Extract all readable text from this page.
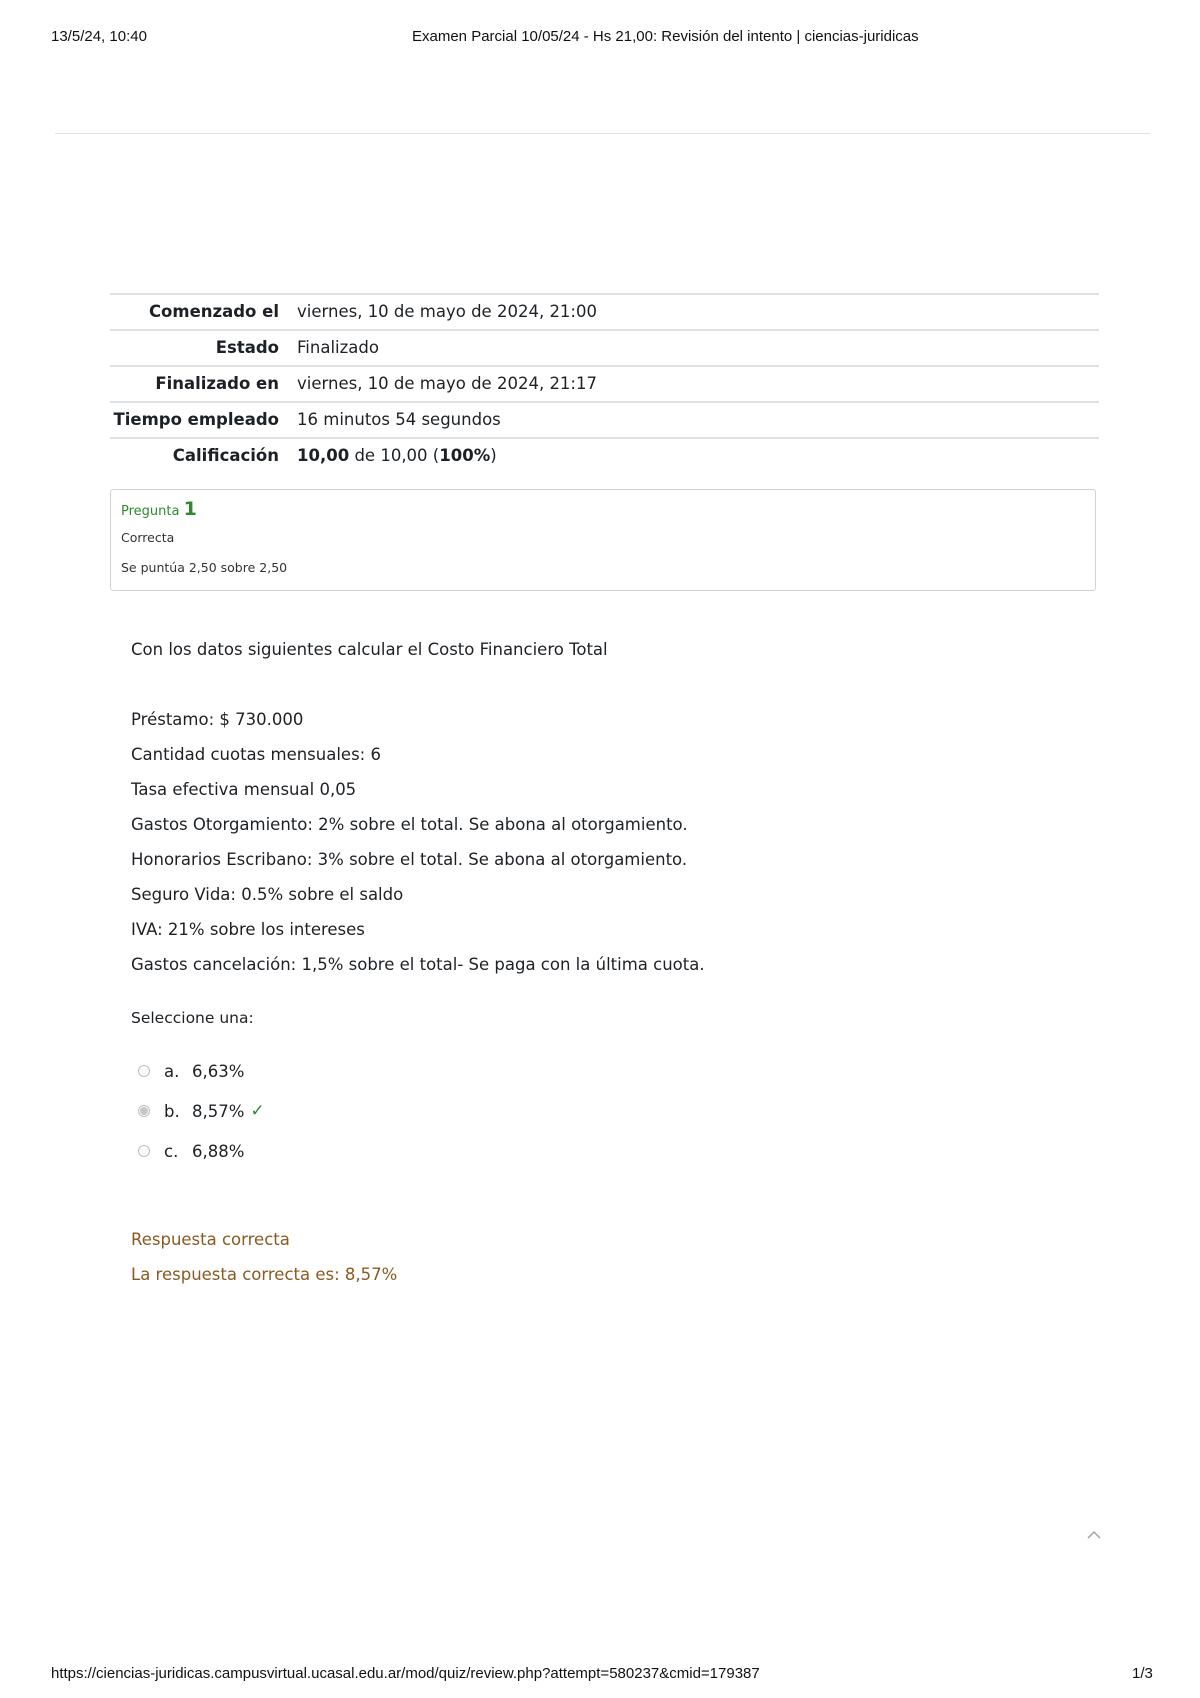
13/5/24, 10:40	Examen Parcial 10/05/24 - Hs 21,00: Revisión del intento | ciencias-juridicas
Comenzado el	viernes, 10 de mayo de 2024, 21:00
Estado	Finalizado
Finalizado en	viernes, 10 de mayo de 2024, 21:17
Tiempo empleado	16 minutos 54 segundos
Calificación	10,00 de 10,00 (100%)
Pregunta 1
Correcta
Se puntúa 2,50 sobre 2,50

Con los datos siguientes calcular el Costo Financiero Total

Préstamo: $ 730.000

Cantidad cuotas mensuales: 6

Tasa efectiva mensual 0,05

Gastos Otorgamiento: 2% sobre el total. Se abona al otorgamiento.

Honorarios Escribano: 3% sobre el total. Se abona al otorgamiento.

Seguro Vida: 0.5% sobre el saldo

IVA: 21% sobre los intereses

Gastos cancelación: 1,5% sobre el total- Se paga con la última cuota.

Seleccione una:
a. 6,63%
b. 8,57% ✓
c. 6,88%
Respuesta correcta
La respuesta correcta es: 8,57%
https://ciencias-juridicas.campusvirtual.ucasal.edu.ar/mod/quiz/review.php?attempt=580237&cmid=179387	1/3
